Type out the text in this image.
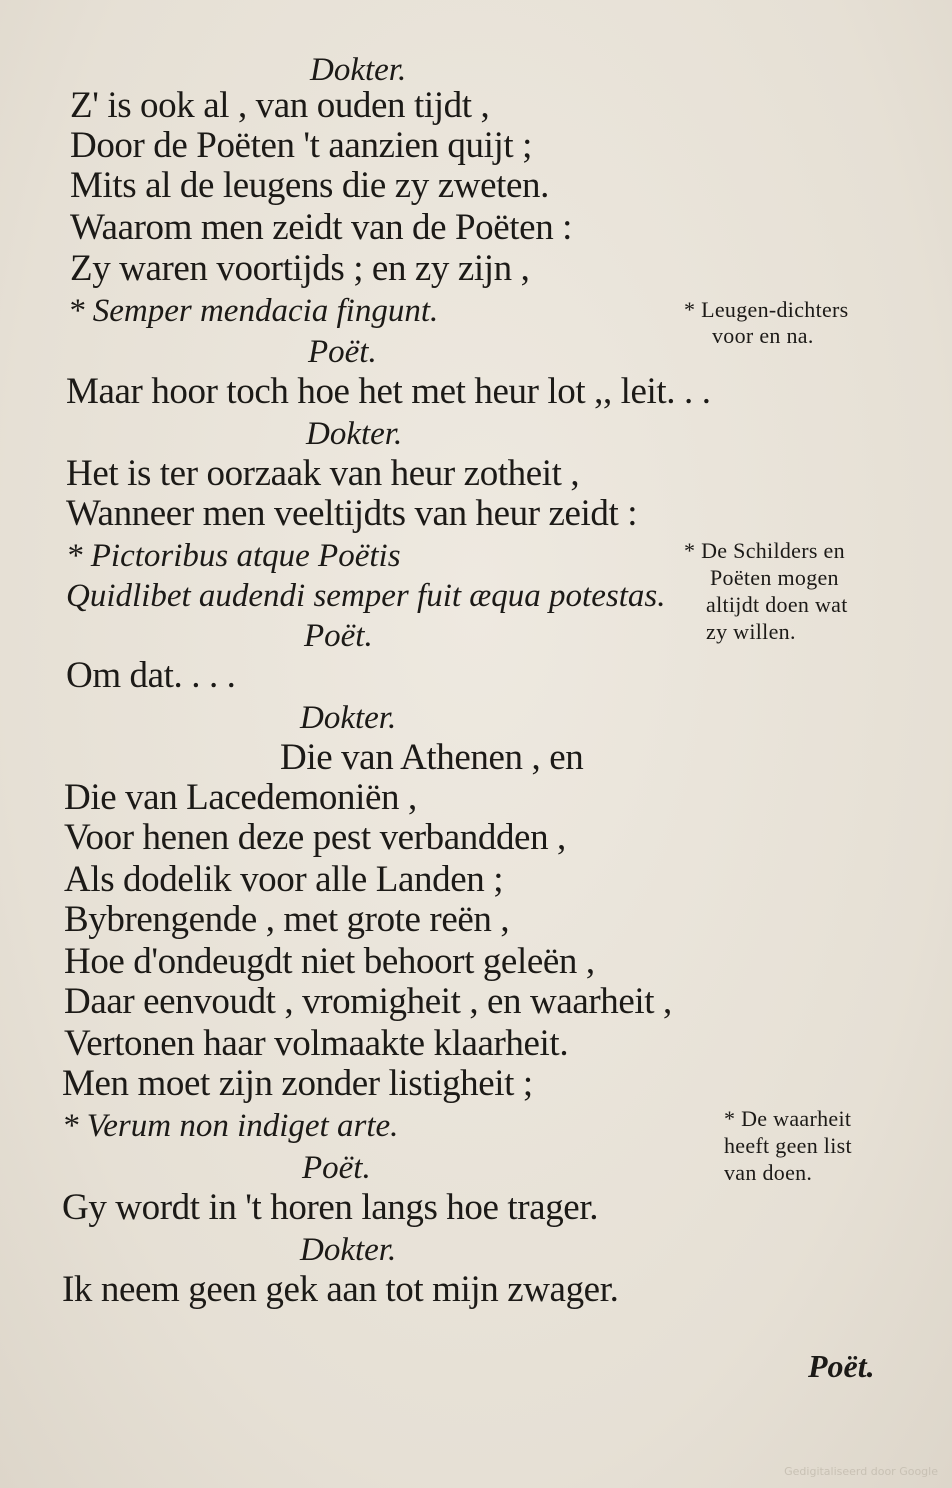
Dokter.
Z' is ook al , van ouden tijdt ,
Door de Poëten 't aanzien quijt ;
Mits al de leugens die zy zweten.
Waarom men zeidt van de Poëten :
Zy waren voortijds ; en zy zijn ,
* Semper mendacia fingunt.
Poët.
Maar hoor toch hoe het met heur lot ,, leit. . .
Dokter.
Het is ter oorzaak van heur zotheit ,
Wanneer men veeltijdts van heur zeidt :
* Pictoribus atque Poëtis
Quidlibet audendi semper fuit æqua potestas.
Poët.
Om dat. . . .
Dokter.
Die van Athenen , en
Die van Lacedemoniën ,
Voor henen deze pest verbandden ,
Als dodelik voor alle Landen ;
Bybrengende , met grote reën ,
Hoe d'ondeugdt niet behoort geleën ,
Daar eenvoudt , vromigheit , en waarheit ,
Vertonen haar volmaakte klaarheit.
Men moet zijn zonder listigheit ;
* Verum non indiget arte.
Poët.
Gy wordt in 't horen langs hoe trager.
Dokter.
Ik neem geen gek aan tot mijn zwager.
* Leugen-dichters
voor en na.
* De Schilders en
Poëten mogen
altijdt doen wat
zy willen.
* De waarheit
heeft geen list
van doen.
Poët.
Gedigitaliseerd door Google
